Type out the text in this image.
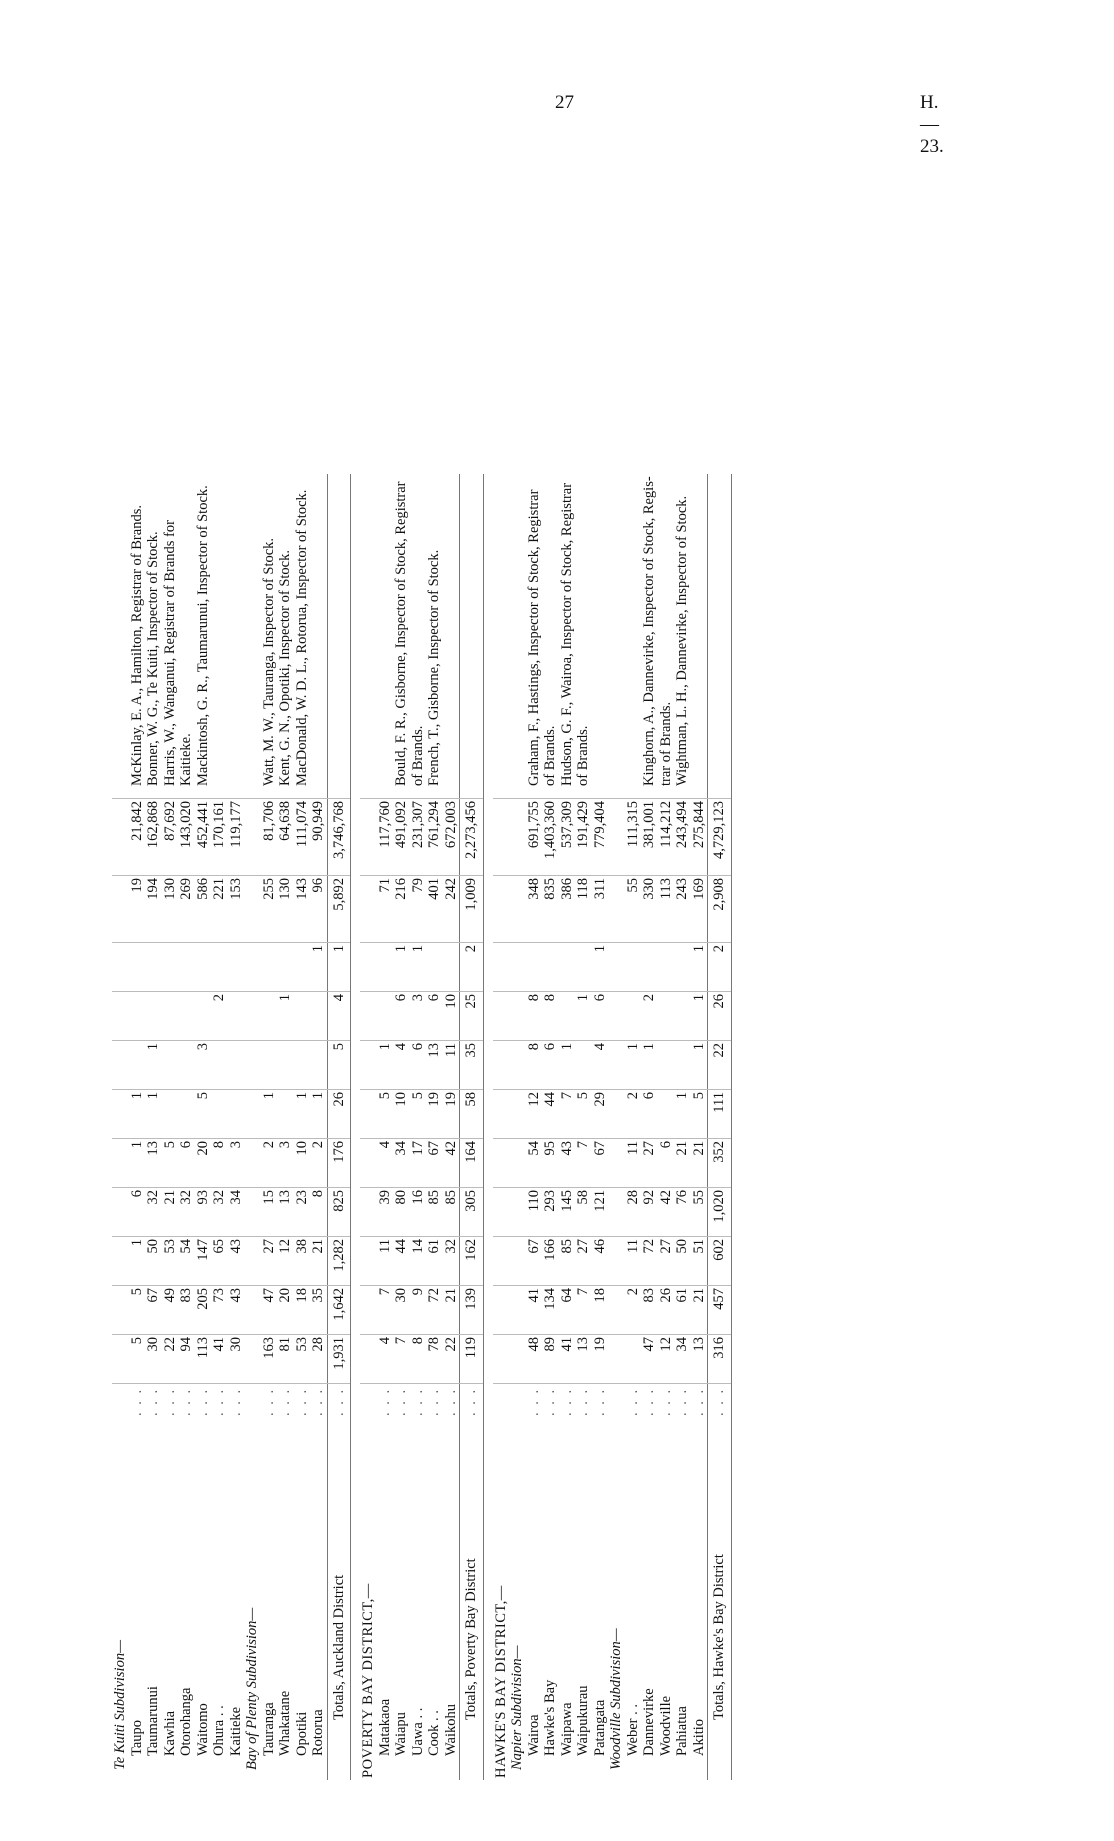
27	H.—23.
Te Kuiti Subdivision—													
Taupo	. . .	5	5	1	6	1	1				19	21,842	McKinlay, E. A., Hamilton, Registrar of Brands.
Taumarunui	. . .	30	67	50	32	13	1	1			194	162,868	Bonner, W. G., Te Kuiti, Inspector of Stock.
Kawhia	. . .	22	49	53	21	5					130	87,692	Harris, W., Wanganui, Registrar of Brands for
Otorohanga	. . .	94	83	54	32	6					269	143,020	Kaitieke.
Waitomo	. . .	113	205	147	93	20	5	3			586	452,441	Mackintosh, G. R., Taumarunui, Inspector of Stock.
Ohura . .	. . .	41	73	65	32	8			2		221	170,161	
Kaitieke	. . .	30	43	43	34	3					153	119,177	
Bay of Plenty Subdivision—													
Tauranga	. . .	163	47	27	15	2	1				255	81,706	Watt, M. W., Tauranga, Inspector of Stock.
Whakatane	. . .	81	20	12	13	3			1		130	64,638	Kent, G. N., Opotiki, Inspector of Stock.
Opotiki	. . .	53	18	38	23	10	1				143	111,074	MacDonald, W. D. L., Rotorua, Inspector of Stock.
Rotorua	. . .	28	35	21	8	2	1			1	96	90,949	
Totals, Auckland District	. . .	1,931	1,642	1,282	825	176	26	5	4	1	5,892	3,746,768	

POVERTY BAY DISTRICT,—													
Matakaoa	. . .	4	7	11	39	4	5	1			71	117,760	
Waiapu	. . .	7	30	44	80	34	10	4	6	1	216	491,092	Bould, F. R., Gisborne, Inspector of Stock, Registrar
Uawa . .	. . .	8	9	14	16	17	5	6	3	1	79	231,307	of Brands.
Cook . .	. . .	78	72	61	85	67	19	13	6		401	761,294	French, T., Gisborne, Inspector of Stock.
Waikohu	. . .	22	21	32	85	42	19	11	10		242	672,003	
Totals, Poverty Bay District	. . .	119	139	162	305	164	58	35	25	2	1,009	2,273,456	

HAWKE'S BAY DISTRICT,—													
Napier Subdivision—													
Wairoa	. . .	48	41	67	110	54	12	8	8		348	691,755	Graham, F., Hastings, Inspector of Stock, Registrar
Hawke's Bay	. . .	89	134	166	293	95	44	6	8		835	1,403,360	of Brands.
Waipawa	. . .	41	64	85	145	43	7	1			386	537,309	Hudson, G. F., Wairoa, Inspector of Stock, Registrar
Waipukurau	. . .	13	7	27	58	7	5		1		118	191,429	of Brands.
Patangata	. . .	19	18	46	121	67	29	4	6	1	311	779,404	
Woodville Subdivision—													
Weber . .	. . .		2	11	28	11	2	1			55	111,315	
Dannevirke	. . .	47	83	72	92	27	6	1	2		330	381,001	Kinghorn, A., Dannevirke, Inspector of Stock, Regis-
Woodville	. . .	12	26	27	42	6					113	114,212	trar of Brands.
Pahiatua	. . .	34	61	50	76	21	1				243	243,494	Wightman, L. H., Dannevirke, Inspector of Stock.
Akitio	. . .	13	21	51	55	21	5	1	1	1	169	275,844	
Totals, Hawke's Bay District	. . .	316	457	602	1,020	352	111	22	26	2	2,908	4,729,123	
